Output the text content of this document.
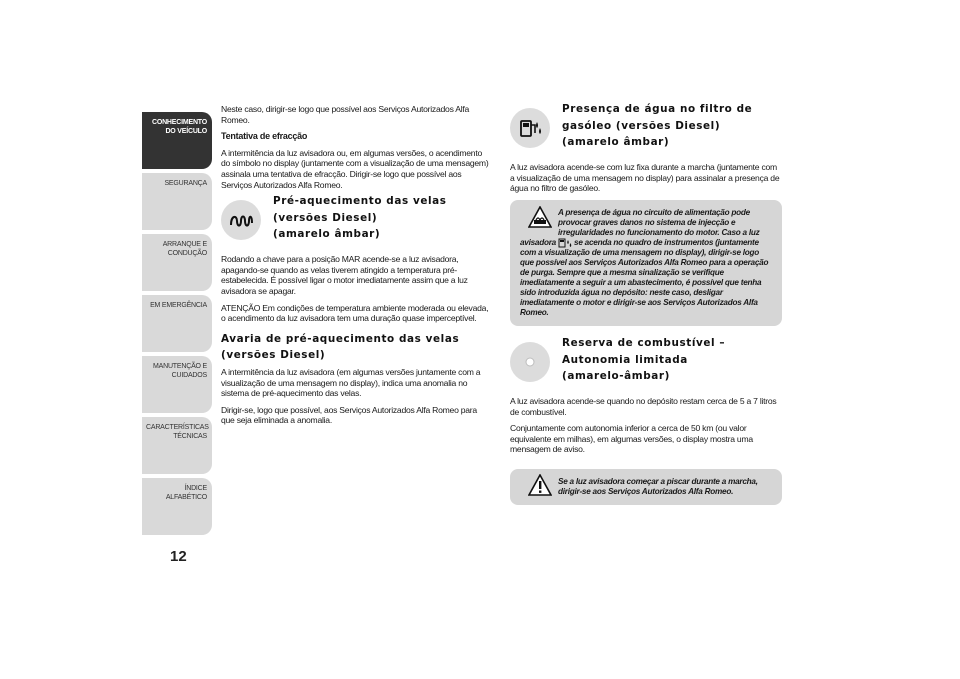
CONHECIMENTO DO VEÍCULO
SEGURANÇA
ARRANQUE E CONDUÇÃO
EM EMERGÊNCIA
MANUTENÇÃO E CUIDADOS
CARACTERÍSTICAS TÉCNICAS
ÍNDICE ALFABÉTICO
12

Neste caso, dirigir-se logo que possível aos Serviços Autorizados Alfa Romeo.

Tentativa de efracção

A intermitência da luz avisadora ou, em algumas versões, o acendimento do símbolo no display (juntamente com a visualização de uma mensagem) assinala uma tentativa de efracção. Dirigir-se logo que possível aos Serviços Autorizados Alfa Romeo.

Pré-aquecimento das velas

(versões Diesel)

(amarelo âmbar)

Rodando a chave para a posição MAR acende-se a luz avisadora, apagando-se quando as velas tiverem atingido a temperatura pré-estabelecida. É possível ligar o motor imediatamente assim que a luz avisadora se apagar.

ATENÇÃO Em condições de temperatura ambiente moderada ou elevada, o acendimento da luz avisadora tem uma duração quase imperceptível.

Avaria de pré-aquecimento das velas

(versões Diesel)

A intermitência da luz avisadora (em algumas versões juntamente com a visualização de uma mensagem no display), indica uma anomalia no sistema de pré-aquecimento das velas.

Dirigir-se, logo que possível, aos Serviços Autorizados Alfa Romeo para que seja eliminada a anomalia.

Presença de água no filtro de

gasóleo (versões Diesel)

(amarelo âmbar)

A luz avisadora acende-se com luz fixa durante a marcha (juntamente com a visualização de uma mensagem no display) para assinalar a presença de água no filtro de gasóleo.

A presença de água no circuito de alimentação pode provocar graves danos no sistema de injecção e irregularidades no funcionamento do motor. Caso a luz
avisadora se acenda no quadro de instrumentos (juntamente com a visualização de uma mensagem no display), dirigir-se logo que possível aos Serviços Autorizados Alfa Romeo para a operação de purga. Sempre que a mesma sinalização se verifique imediatamente a seguir a um abastecimento, é possível que tenha sido introduzida água no depósito: neste caso, desligar imediatamente o motor e dirigir-se aos Serviços Autorizados Alfa Romeo.

Reserva de combustível –

Autonomia limitada

(amarelo-âmbar)

A luz avisadora acende-se quando no depósito restam cerca de 5 a 7 litros de combustível.

Conjuntamente com autonomia inferior a cerca de 50 km (ou valor equivalente em milhas), em algumas versões, o display mostra uma mensagem de aviso.

Se a luz avisadora começar a piscar durante a marcha, dirigir-se aos Serviços Autorizados Alfa Romeo.
